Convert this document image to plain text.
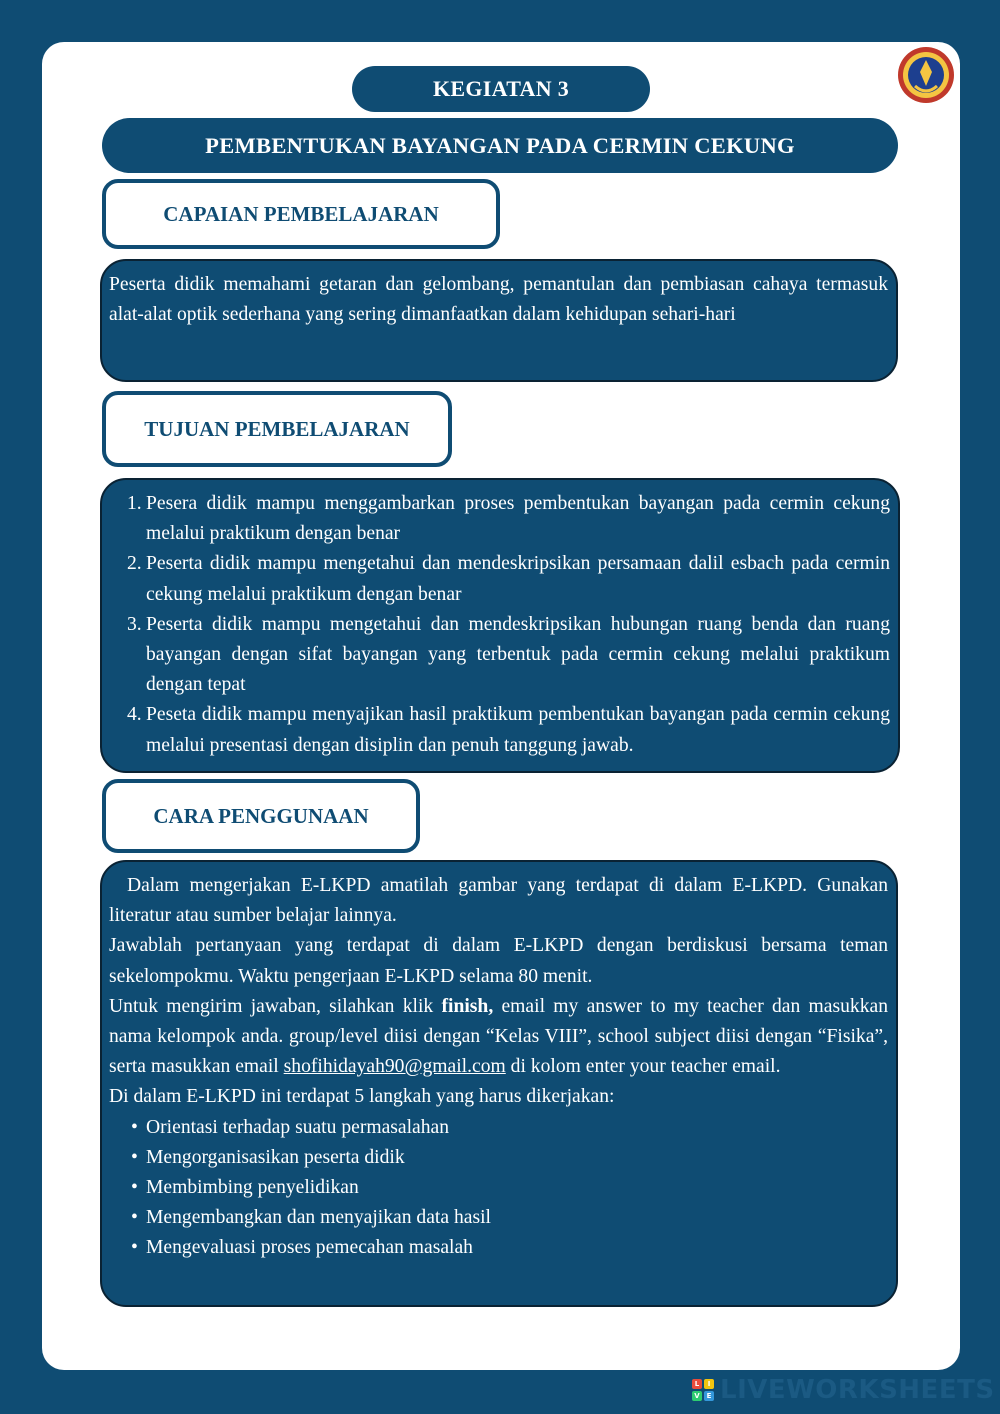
KEGIATAN 3
PEMBENTUKAN BAYANGAN PADA CERMIN CEKUNG
CAPAIAN PEMBELAJARAN

Peserta didik memahami getaran dan gelombang, pemantulan dan pembiasan cahaya termasuk alat-alat optik sederhana yang sering dimanfaatkan dalam kehidupan sehari-hari

TUJUAN PEMBELAJARAN
1. Pesera didik mampu menggambarkan proses pembentukan bayangan pada cermin cekung melalui praktikum dengan benar
2. Peserta didik mampu mengetahui dan mendeskripsikan persamaan dalil esbach pada cermin cekung melalui praktikum dengan benar
3. Peserta didik mampu mengetahui dan mendeskripsikan hubungan ruang benda dan ruang bayangan dengan sifat bayangan yang terbentuk pada cermin cekung melalui praktikum dengan tepat
4. Peseta didik mampu menyajikan hasil praktikum pembentukan bayangan pada cermin cekung melalui presentasi dengan disiplin dan penuh tanggung jawab.
CARA PENGGUNAAN

Dalam mengerjakan E-LKPD amatilah gambar yang terdapat di dalam E-LKPD. Gunakan literatur atau sumber belajar lainnya.

Jawablah pertanyaan yang terdapat di dalam E-LKPD dengan berdiskusi bersama teman sekelompokmu. Waktu pengerjaan E-LKPD selama 80 menit.

Untuk mengirim jawaban, silahkan klik finish, email my answer to my teacher dan masukkan nama kelompok anda. group/level diisi dengan “Kelas VIII”, school subject diisi dengan “Fisika”, serta masukkan email shofihidayah90@gmail.com di kolom enter your teacher email.

Di dalam E-LKPD ini terdapat 5 langkah yang harus dikerjakan:

• Orientasi terhadap suatu permasalahan
• Mengorganisasikan peserta didik
• Membimbing penyelidikan
• Mengembangkan dan menyajikan data hasil
• Mengevaluasi proses pemecahan masalah
L	I
V E LIVEWORKSHEETS
